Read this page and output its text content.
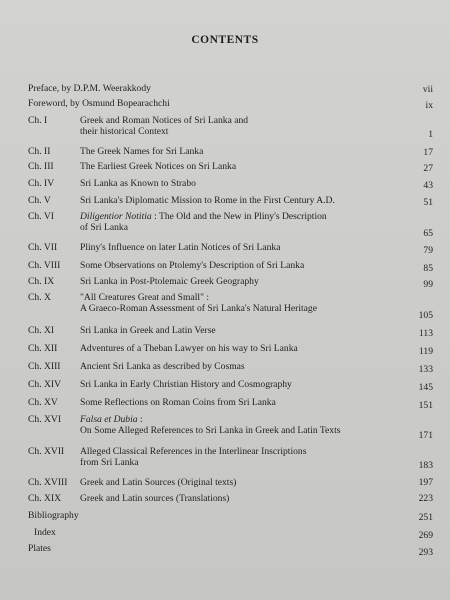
CONTENTS
Preface, by D.P.M. Weerakkody	vii
Foreword, by Osmund Bopearachchi	ix
Ch. I	Greek and Roman Notices of Sri Lanka and
their historical Context	1
Ch. II	The Greek Names for Sri Lanka	17
Ch. III	The Earliest Greek Notices on Sri Lanka	27
Ch. IV	Sri Lanka as Known to Strabo	43
Ch. V	Sri Lanka's Diplomatic Mission to Rome in the First Century A.D.	51
Ch. VI	Diligentior Notitia : The Old and the New in Pliny's Description
of Sri Lanka
65
Ch. VII Pliny's Influence on later Latin Notices of Sri Lanka	79
Ch. VIII Some Observations on Ptolemy's Description of Sri Lanka	85
Ch. IX	Sri Lanka in Post-Ptolemaic Greek Geography	99
Ch. X	"All Creatures Great and Small" :
A Graeco-Roman Assessment of Sri Lanka's Natural Heritage
105
Ch. XI	Sri Lanka in Greek and Latin Verse	113
Ch. XII Adventures of a Theban Lawyer on his way to Sri Lanka	119
Ch. XIII Ancient Sri Lanka as described by Cosmas	133
Ch. XIV Sri Lanka in Early Christian History and Cosmography	145
Ch. XV Some Reflections on Roman Coins from Sri Lanka	151
Ch. XVI Falsa et Dubia :
On Some Alleged References to Sri Lanka in Greek and Latin Texts	171
Ch. XVII Alleged Classical References in the Interlinear Inscriptions
from Sri Lanka	183
Ch. XVIII Greek and Latin Sources (Original texts)	197
Ch. XIX Greek and Latin sources (Translations)	223
Bibliography	251
Index	269
Plates	293
